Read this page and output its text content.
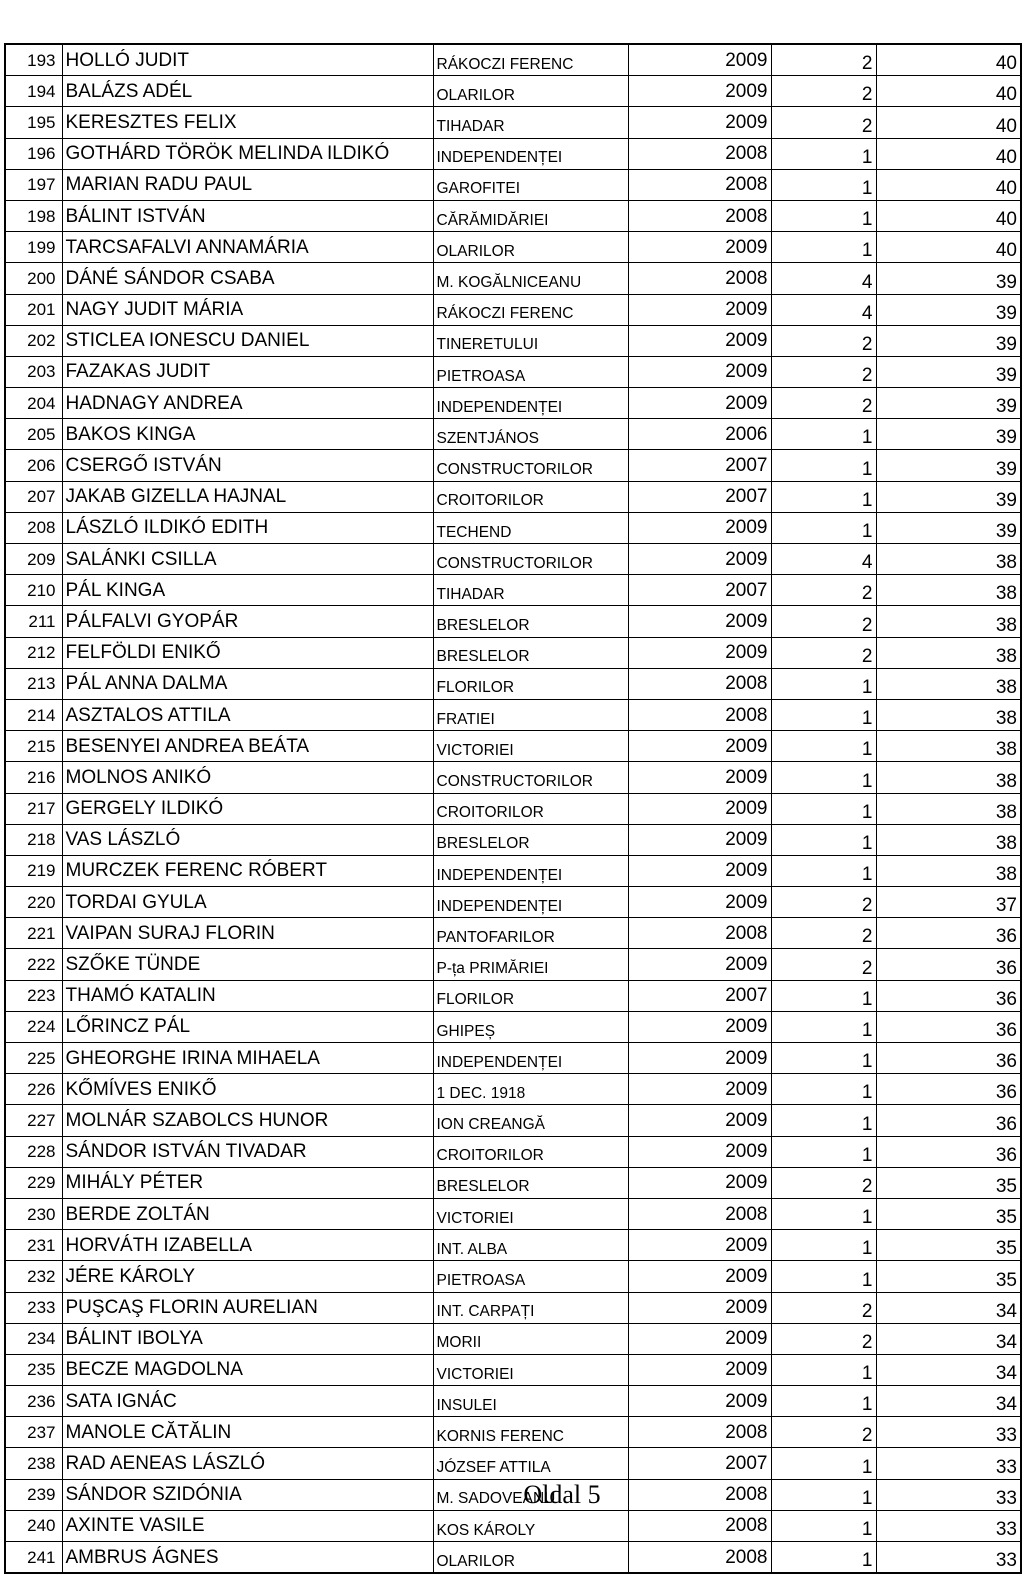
193	HOLLÓ JUDIT	RÁKOCZI FERENC	2009	2	40
194	BALÁZS ADÉL	OLARILOR	2009	2	40
195	KERESZTES FELIX	TIHADAR	2009	2	40
196	GOTHÁRD TÖRÖK MELINDA ILDIKÓ	INDEPENDENȚEI	2008	1	40
197	MARIAN RADU PAUL	GAROFITEI	2008	1	40
198	BÁLINT ISTVÁN	CĂRĂMIDĂRIEI	2008	1	40
199	TARCSAFALVI ANNAMÁRIA	OLARILOR	2009	1	40
200	DÁNÉ SÁNDOR CSABA	M. KOGĂLNICEANU	2008	4	39
201	NAGY JUDIT MÁRIA	RÁKOCZI FERENC	2009	4	39
202	STICLEA IONESCU DANIEL	TINERETULUI	2009	2	39
203	FAZAKAS JUDIT	PIETROASA	2009	2	39
204	HADNAGY ANDREA	INDEPENDENȚEI	2009	2	39
205	BAKOS KINGA	SZENTJÁNOS	2006	1	39
206	CSERGŐ ISTVÁN	CONSTRUCTORILOR	2007	1	39
207	JAKAB GIZELLA HAJNAL	CROITORILOR	2007	1	39
208	LÁSZLÓ ILDIKÓ EDITH	TECHEND	2009	1	39
209	SALÁNKI CSILLA	CONSTRUCTORILOR	2009	4	38
210	PÁL KINGA	TIHADAR	2007	2	38
211	PÁLFALVI GYOPÁR	BRESLELOR	2009	2	38
212	FELFÖLDI ENIKŐ	BRESLELOR	2009	2	38
213	PÁL ANNA DALMA	FLORILOR	2008	1	38
214	ASZTALOS ATTILA	FRATIEI	2008	1	38
215	BESENYEI ANDREA BEÁTA	VICTORIEI	2009	1	38
216	MOLNOS ANIKÓ	CONSTRUCTORILOR	2009	1	38
217	GERGELY ILDIKÓ	CROITORILOR	2009	1	38
218	VAS LÁSZLÓ	BRESLELOR	2009	1	38
219	MURCZEK FERENC RÓBERT	INDEPENDENȚEI	2009	1	38
220	TORDAI GYULA	INDEPENDENȚEI	2009	2	37
221	VAIPAN SURAJ FLORIN	PANTOFARILOR	2008	2	36
222	SZŐKE TÜNDE	P-ța PRIMĂRIEI	2009	2	36
223	THAMÓ KATALIN	FLORILOR	2007	1	36
224	LŐRINCZ PÁL	GHIPEȘ	2009	1	36
225	GHEORGHE IRINA MIHAELA	INDEPENDENȚEI	2009	1	36
226	KŐMÍVES ENIKŐ	1 DEC. 1918	2009	1	36
227	MOLNÁR SZABOLCS HUNOR	ION CREANGĂ	2009	1	36
228	SÁNDOR ISTVÁN TIVADAR	CROITORILOR	2009	1	36
229	MIHÁLY PÉTER	BRESLELOR	2009	2	35
230	BERDE ZOLTÁN	VICTORIEI	2008	1	35
231	HORVÁTH IZABELLA	INT. ALBA	2009	1	35
232	JÉRE KÁROLY	PIETROASA	2009	1	35
233	PUŞCAŞ FLORIN AURELIAN	INT. CARPAȚI	2009	2	34
234	BÁLINT IBOLYA	MORII	2009	2	34
235	BECZE MAGDOLNA	VICTORIEI	2009	1	34
236	SATA IGNÁC	INSULEI	2009	1	34
237	MANOLE CĂTĂLIN	KORNIS FERENC	2008	2	33
238	RAD AENEAS LÁSZLÓ	JÓZSEF ATTILA	2007	1	33
239	SÁNDOR SZIDÓNIA	M. SADOVEANU	2008	1	33
240	AXINTE VASILE	KOS KÁROLY	2008	1	33
241	AMBRUS ÁGNES	OLARILOR	2008	1	33
Oldal 5
